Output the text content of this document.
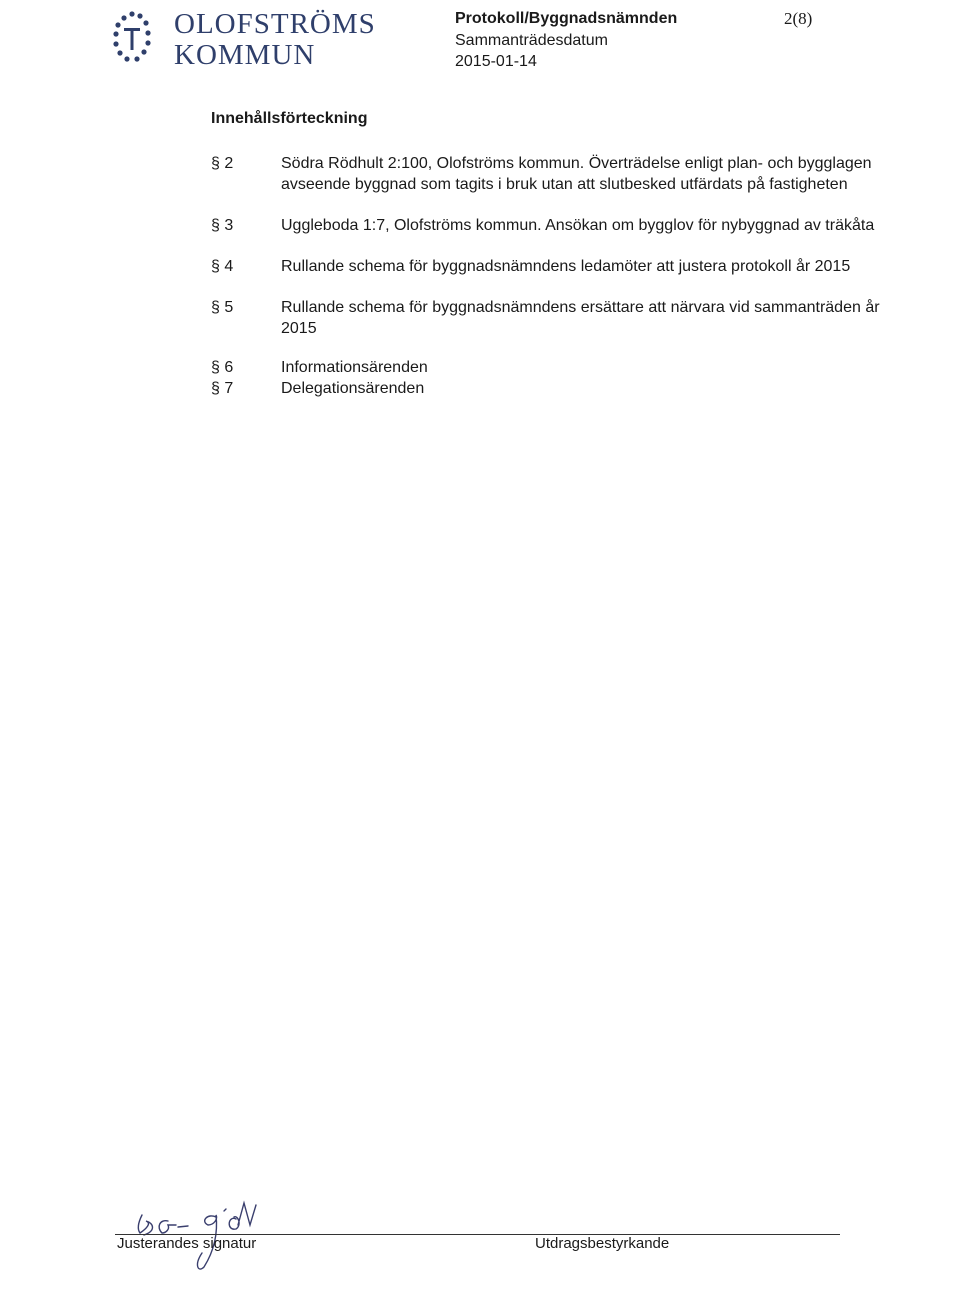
OLOFSTRÖMS
KOMMUN
Protokoll/Byggnadsnämnden	2(8)
Sammanträdesdatum
2015-01-14
Innehållsförteckning
§ 2	Södra Rödhult 2:100, Olofströms kommun. Överträdelse enligt plan- och bygglagen avseende byggnad som tagits i bruk utan att slutbesked utfärdats på fastigheten
§ 3	Uggleboda 1:7, Olofströms kommun. Ansökan om bygglov för nybyggnad av träkåta
§ 4	Rullande schema för byggnadsnämndens ledamöter att justera protokoll år 2015
§ 5	Rullande schema för byggnadsnämndens ersättare att närvara vid sammanträden år 2015
§ 6	Informationsärenden
§ 7	Delegationsärenden
Justerandes signatur	Utdragsbestyrkande
